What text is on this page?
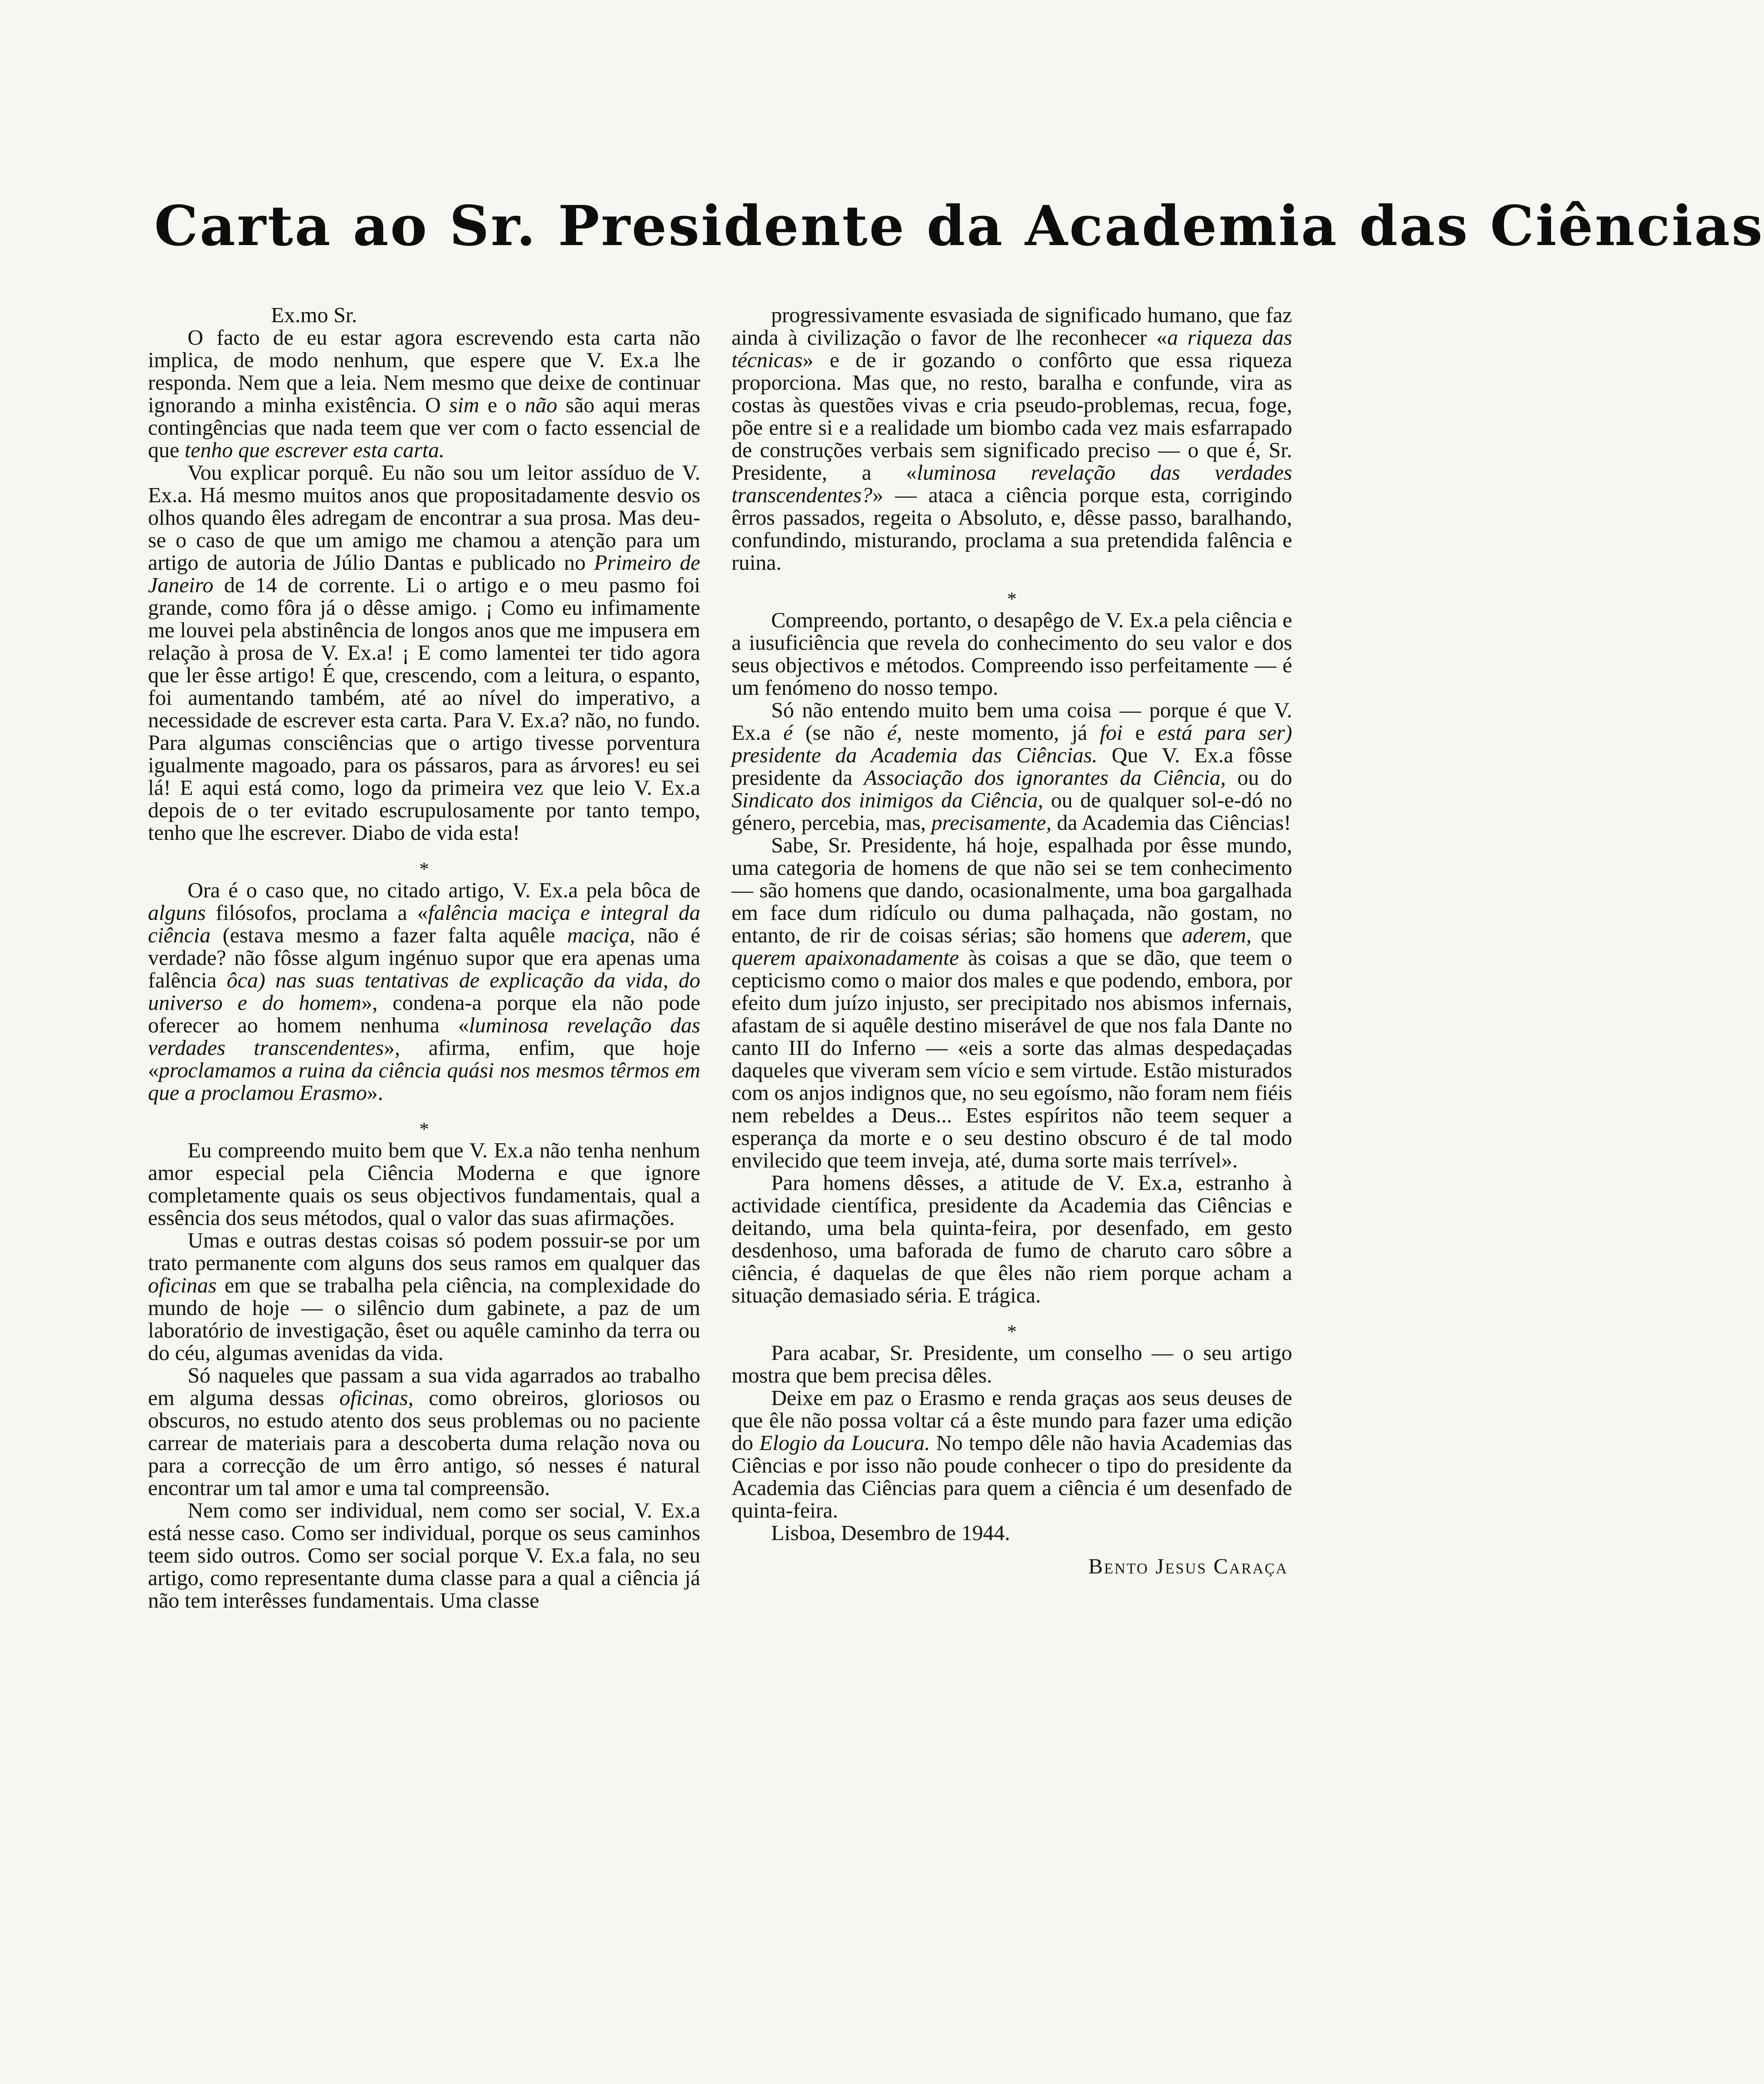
Carta ao Sr. Presidente da Academia das Ciências

Ex.mo Sr.

O facto de eu estar agora escrevendo esta carta não implica, de modo nenhum, que espere que V. Ex.a lhe responda. Nem que a leia. Nem mesmo que deixe de continuar ignorando a minha existência. O sim e o não são aqui meras contingências que nada teem que ver com o facto essencial de que tenho que escrever esta carta.

Vou explicar porquê. Eu não sou um leitor assíduo de V. Ex.a. Há mesmo muitos anos que propositadamente desvio os olhos quando êles adregam de encontrar a sua prosa. Mas deu-se o caso de que um amigo me chamou a atenção para um artigo de autoria de Júlio Dantas e publicado no Primeiro de Janeiro de 14 de corrente. Li o artigo e o meu pasmo foi grande, como fôra já o dêsse amigo. ¡ Como eu infimamente me louvei pela abstinência de longos anos que me impusera em relação à prosa de V. Ex.a! ¡ E como lamentei ter tido agora que ler êsse artigo! É que, crescendo, com a leitura, o espanto, foi aumentando também, até ao nível do imperativo, a necessidade de escrever esta carta. Para V. Ex.a? não, no fundo. Para algumas consciências que o artigo tivesse porventura igualmente magoado, para os pássaros, para as árvores! eu sei lá! E aqui está como, logo da primeira vez que leio V. Ex.a depois de o ter evitado escrupulosamente por tanto tempo, tenho que lhe escrever. Diabo de vida esta!

*

Ora é o caso que, no citado artigo, V. Ex.a pela bôca de alguns filósofos, proclama a «falência maciça e integral da ciência (estava mesmo a fazer falta aquêle maciça, não é verdade? não fôsse algum ingénuo supor que era apenas uma falência ôca) nas suas tentativas de explicação da vida, do universo e do homem», condena-a porque ela não pode oferecer ao homem nenhuma «luminosa revelação das verdades transcendentes», afirma, enfim, que hoje «proclamamos a ruina da ciência quási nos mesmos têrmos em que a proclamou Erasmo».

*

Eu compreendo muito bem que V. Ex.a não tenha nenhum amor especial pela Ciência Moderna e que ignore completamente quais os seus objectivos fundamentais, qual a essência dos seus métodos, qual o valor das suas afirmações.

Umas e outras destas coisas só podem possuir-se por um trato permanente com alguns dos seus ramos em qualquer das oficinas em que se trabalha pela ciência, na complexidade do mundo de hoje — o silêncio dum gabinete, a paz de um laboratório de investigação, êset ou aquêle caminho da terra ou do céu, algumas avenidas da vida.

Só naqueles que passam a sua vida agarrados ao trabalho em alguma dessas oficinas, como obreiros, gloriosos ou obscuros, no estudo atento dos seus problemas ou no paciente carrear de materiais para a descoberta duma relação nova ou para a correcção de um êrro antigo, só nesses é natural encontrar um tal amor e uma tal compreensão.

Nem como ser individual, nem como ser social, V. Ex.a está nesse caso. Como ser individual, porque os seus caminhos teem sido outros. Como ser social porque V. Ex.a fala, no seu artigo, como representante duma classe para a qual a ciência já não tem interêsses fundamentais. Uma classe

progressivamente esvasiada de significado humano, que faz ainda à civilização o favor de lhe reconhecer «a riqueza das técnicas» e de ir gozando o confôrto que essa riqueza proporciona. Mas que, no resto, baralha e confunde, vira as costas às questões vivas e cria pseudo-problemas, recua, foge, põe entre si e a realidade um biombo cada vez mais esfarrapado de construções verbais sem significado preciso — o que é, Sr. Presidente, a «luminosa revelação das verdades transcendentes?» — ataca a ciência porque esta, corrigindo êrros passados, regeita o Absoluto, e, dêsse passo, baralhando, confundindo, misturando, proclama a sua pretendida falência e ruina.

*

Compreendo, portanto, o desapêgo de V. Ex.a pela ciência e a iusuficiência que revela do conhecimento do seu valor e dos seus objectivos e métodos. Compreendo isso perfeitamente — é um fenómeno do nosso tempo.

Só não entendo muito bem uma coisa — porque é que V. Ex.a é (se não é, neste momento, já foi e está para ser) presidente da Academia das Ciências. Que V. Ex.a fôsse presidente da Associação dos ignorantes da Ciência, ou do Sindicato dos inimigos da Ciência, ou de qualquer sol-e-dó no género, percebia, mas, precisamente, da Academia das Ciências!

Sabe, Sr. Presidente, há hoje, espalhada por êsse mundo, uma categoria de homens de que não sei se tem conhecimento — são homens que dando, ocasionalmente, uma boa gargalhada em face dum ridículo ou duma palhaçada, não gostam, no entanto, de rir de coisas sérias; são homens que aderem, que querem apaixonadamente às coisas a que se dão, que teem o cepticismo como o maior dos males e que podendo, embora, por efeito dum juízo injusto, ser precipitado nos abismos infernais, afastam de si aquêle destino miserável de que nos fala Dante no canto III do Inferno — «eis a sorte das almas despedaçadas daqueles que viveram sem vício e sem virtude. Estão misturados com os anjos indignos que, no seu egoísmo, não foram nem fiéis nem rebeldes a Deus... Estes espíritos não teem sequer a esperança da morte e o seu destino obscuro é de tal modo envilecido que teem inveja, até, duma sorte mais terrível».

Para homens dêsses, a atitude de V. Ex.a, estranho à actividade científica, presidente da Academia das Ciências e deitando, uma bela quinta-feira, por desenfado, em gesto desdenhoso, uma baforada de fumo de charuto caro sôbre a ciência, é daquelas de que êles não riem porque acham a situação demasiado séria. E trágica.

*

Para acabar, Sr. Presidente, um conselho — o seu artigo mostra que bem precisa dêles.

Deixe em paz o Erasmo e renda graças aos seus deuses de que êle não possa voltar cá a êste mundo para fazer uma edição do Elogio da Loucura. No tempo dêle não havia Academias das Ciências e por isso não poude conhecer o tipo do presidente da Academia das Ciências para quem a ciência é um desenfado de quinta-feira.

Lisboa, Desembro de 1944.

Bento Jesus Caraça
